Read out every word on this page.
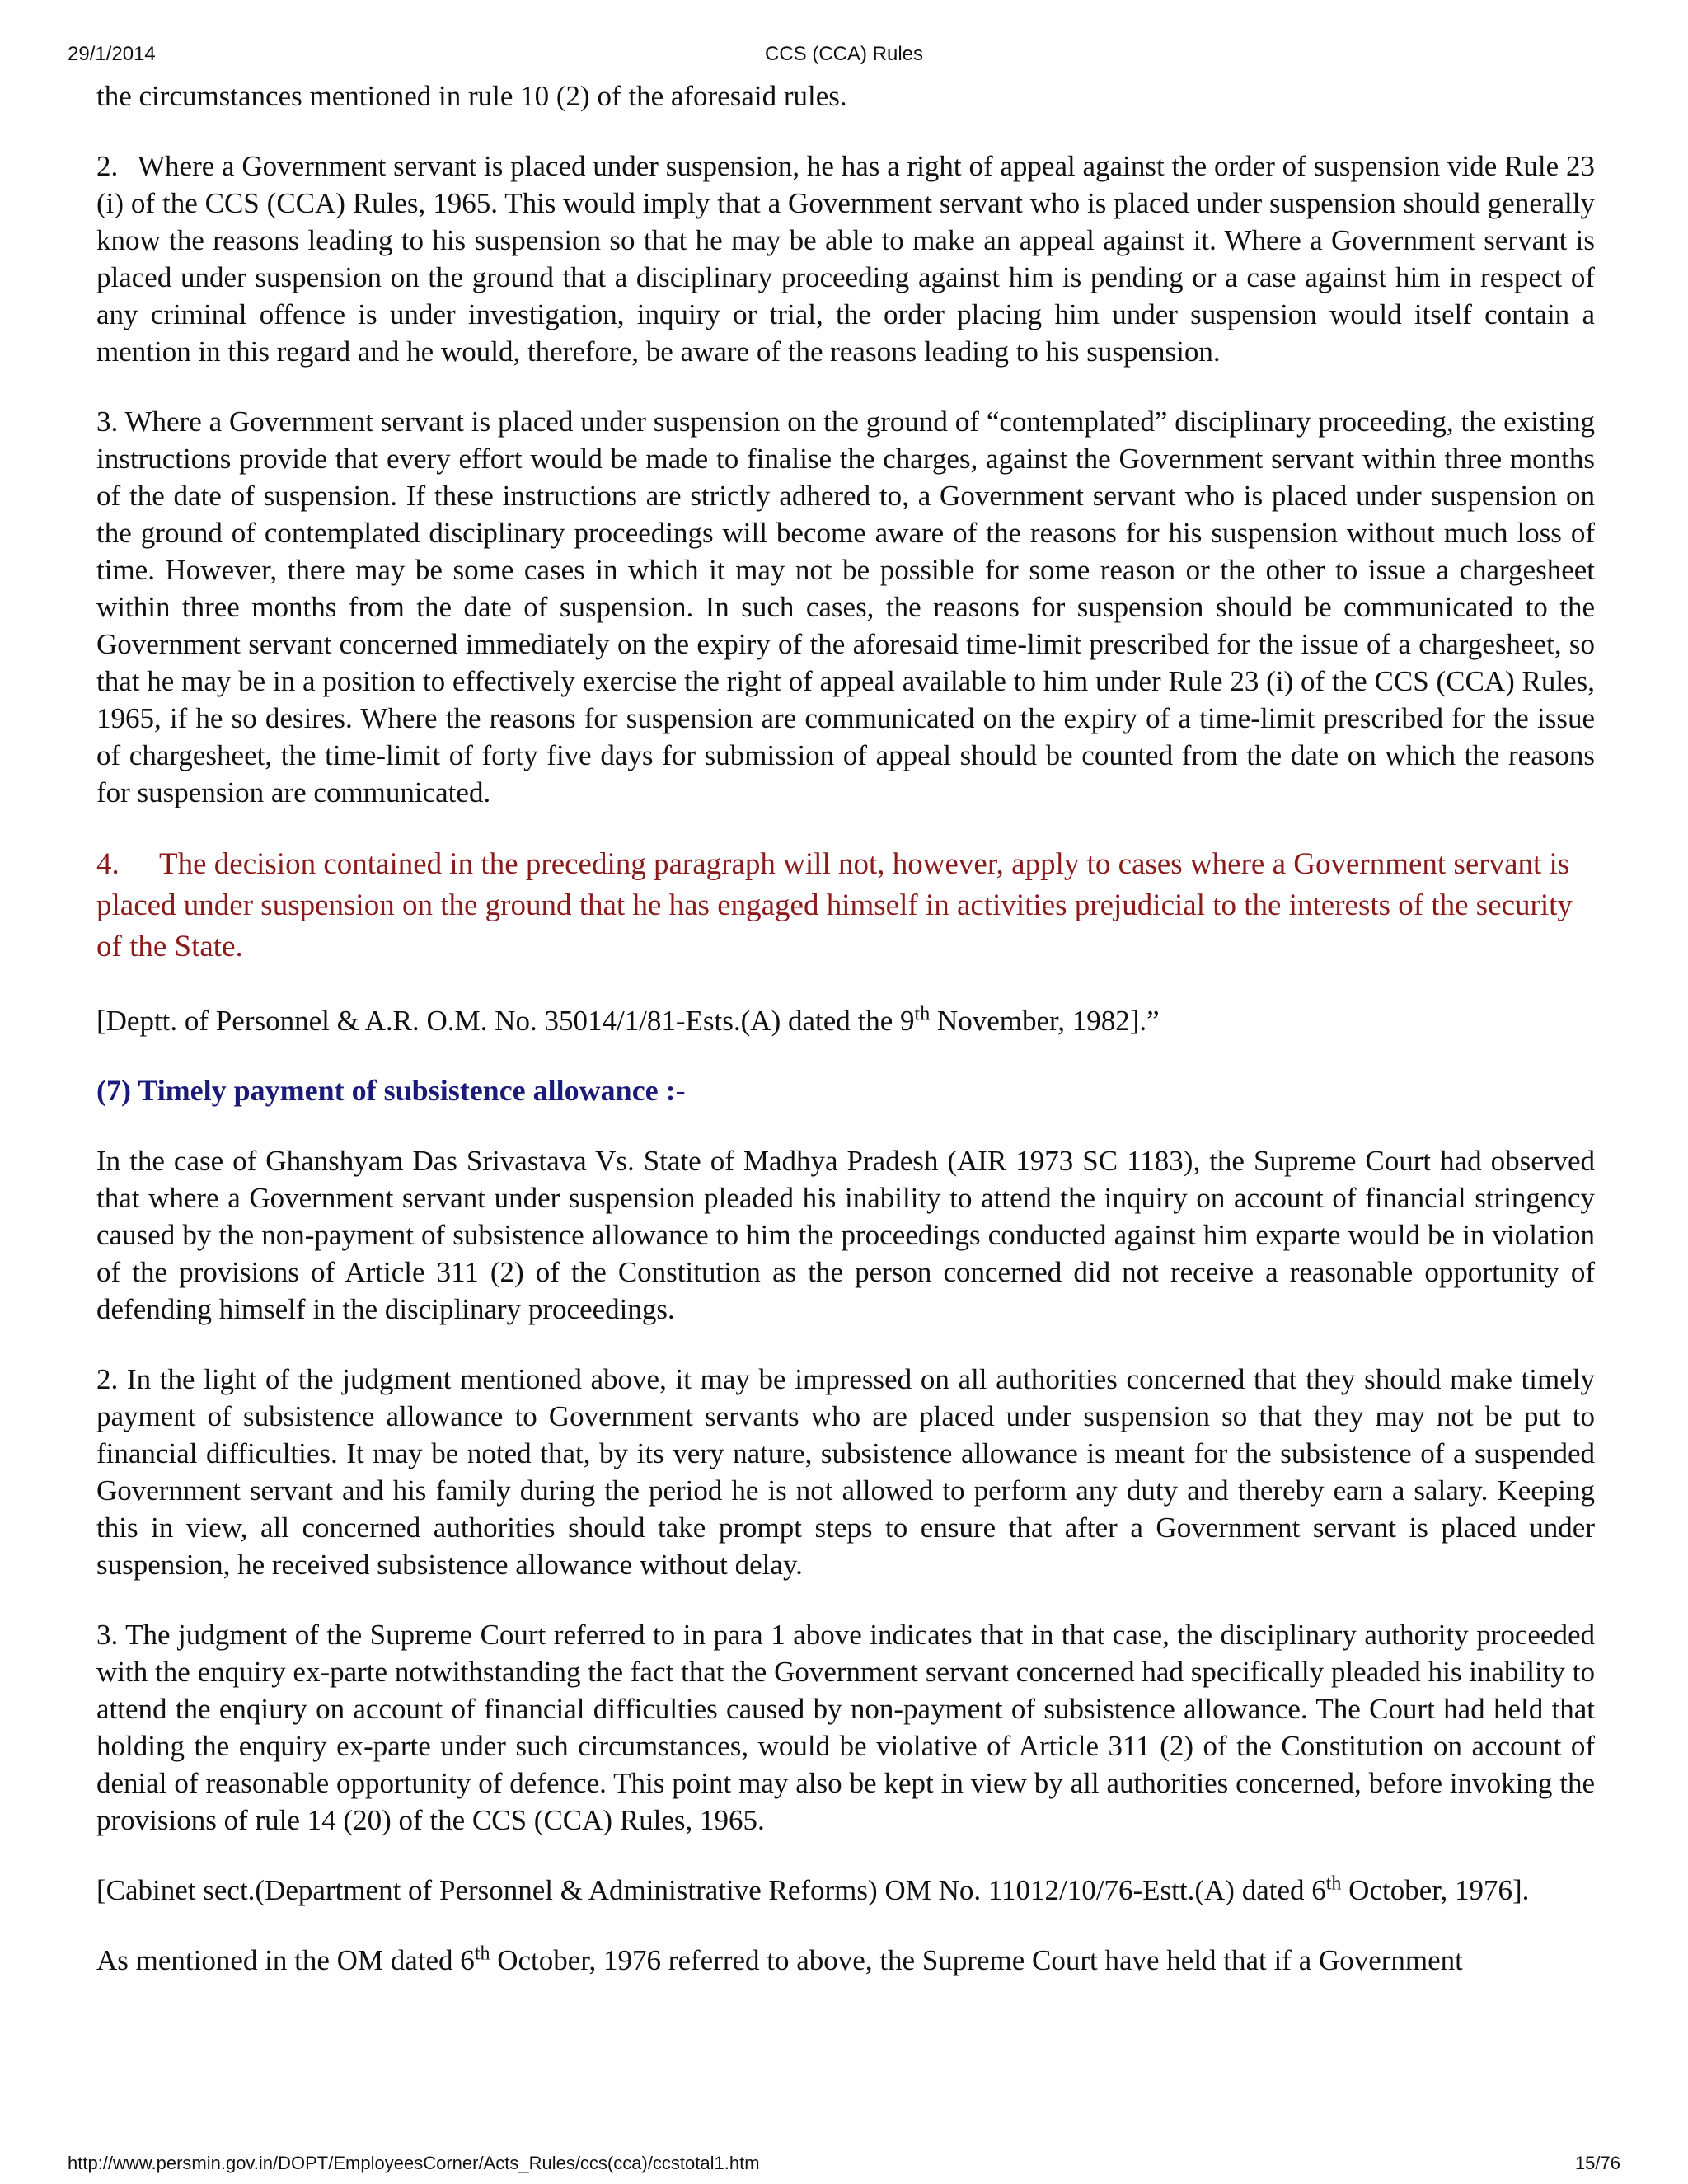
29/1/2014	CCS (CCA) Rules

the circumstances mentioned in rule 10 (2) of the aforesaid rules.

2. Where a Government servant is placed under suspension, he has a right of appeal against the order of suspension vide Rule 23 (i) of the CCS (CCA) Rules, 1965. This would imply that a Government servant who is placed under suspension should generally know the reasons leading to his suspension so that he may be able to make an appeal against it. Where a Government servant is placed under suspension on the ground that a disciplinary proceeding against him is pending or a case against him in respect of any criminal offence is under investigation, inquiry or trial, the order placing him under suspension would itself contain a mention in this regard and he would, therefore, be aware of the reasons leading to his suspension.

3. Where a Government servant is placed under suspension on the ground of “contemplated” disciplinary proceeding, the existing instructions provide that every effort would be made to finalise the charges, against the Government servant within three months of the date of suspension. If these instructions are strictly adhered to, a Government servant who is placed under suspension on the ground of contemplated disciplinary proceedings will become aware of the reasons for his suspension without much loss of time. However, there may be some cases in which it may not be possible for some reason or the other to issue a chargesheet within three months from the date of suspension. In such cases, the reasons for suspension should be communicated to the Government servant concerned immediately on the expiry of the aforesaid time-limit prescribed for the issue of a chargesheet, so that he may be in a position to effectively exercise the right of appeal available to him under Rule 23 (i) of the CCS (CCA) Rules, 1965, if he so desires. Where the reasons for suspension are communicated on the expiry of a time-limit prescribed for the issue of chargesheet, the time-limit of forty five days for submission of appeal should be counted from the date on which the reasons for suspension are communicated.

4. The decision contained in the preceding paragraph will not, however, apply to cases where a Government servant is placed under suspension on the ground that he has engaged himself in activities prejudicial to the interests of the security of the State.

[Deptt. of Personnel & A.R. O.M. No. 35014/1/81-Ests.(A) dated the 9th November, 1982].”

(7) Timely payment of subsistence allowance :-

In the case of Ghanshyam Das Srivastava Vs. State of Madhya Pradesh (AIR 1973 SC 1183), the Supreme Court had observed that where a Government servant under suspension pleaded his inability to attend the inquiry on account of financial stringency caused by the non-payment of subsistence allowance to him the proceedings conducted against him exparte would be in violation of the provisions of Article 311 (2) of the Constitution as the person concerned did not receive a reasonable opportunity of defending himself in the disciplinary proceedings.

2. In the light of the judgment mentioned above, it may be impressed on all authorities concerned that they should make timely payment of subsistence allowance to Government servants who are placed under suspension so that they may not be put to financial difficulties. It may be noted that, by its very nature, subsistence allowance is meant for the subsistence of a suspended Government servant and his family during the period he is not allowed to perform any duty and thereby earn a salary. Keeping this in view, all concerned authorities should take prompt steps to ensure that after a Government servant is placed under suspension, he received subsistence allowance without delay.

3. The judgment of the Supreme Court referred to in para 1 above indicates that in that case, the disciplinary authority proceeded with the enquiry ex-parte notwithstanding the fact that the Government servant concerned had specifically pleaded his inability to attend the enqiury on account of financial difficulties caused by non-payment of subsistence allowance. The Court had held that holding the enquiry ex-parte under such circumstances, would be violative of Article 311 (2) of the Constitution on account of denial of reasonable opportunity of defence. This point may also be kept in view by all authorities concerned, before invoking the provisions of rule 14 (20) of the CCS (CCA) Rules, 1965.

[Cabinet sect.(Department of Personnel & Administrative Reforms) OM No. 11012/10/76-Estt.(A) dated 6th October, 1976].

As mentioned in the OM dated 6th October, 1976 referred to above, the Supreme Court have held that if a Government

http://www.persmin.gov.in/DOPT/EmployeesCorner/Acts_Rules/ccs(cca)/ccstotal1.htm	15/76
